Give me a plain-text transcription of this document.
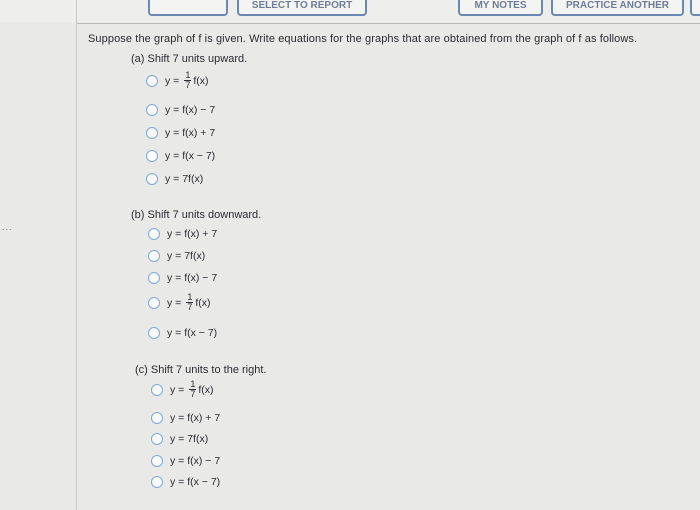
SELECT TO REPORT	MY NOTES	PRACTICE ANOTHER
...
Suppose the graph of f is given. Write equations for the graphs that are obtained from the graph of f as follows.
(a) Shift 7 units upward.
$y = \frac{1}{7} f(x)$
y = f(x) − 7
y = f(x) + 7
y = f(x − 7)
y = 7f(x)
(b) Shift 7 units downward.
y = f(x) + 7
y = 7f(x)
y = f(x) − 7
$y = \frac{1}{7} f(x)$
y = f(x − 7)
(c) Shift 7 units to the right.
$y = \frac{1}{7} f(x)$
y = f(x) + 7
y = 7f(x)
y = f(x) − 7
y = f(x − 7)
